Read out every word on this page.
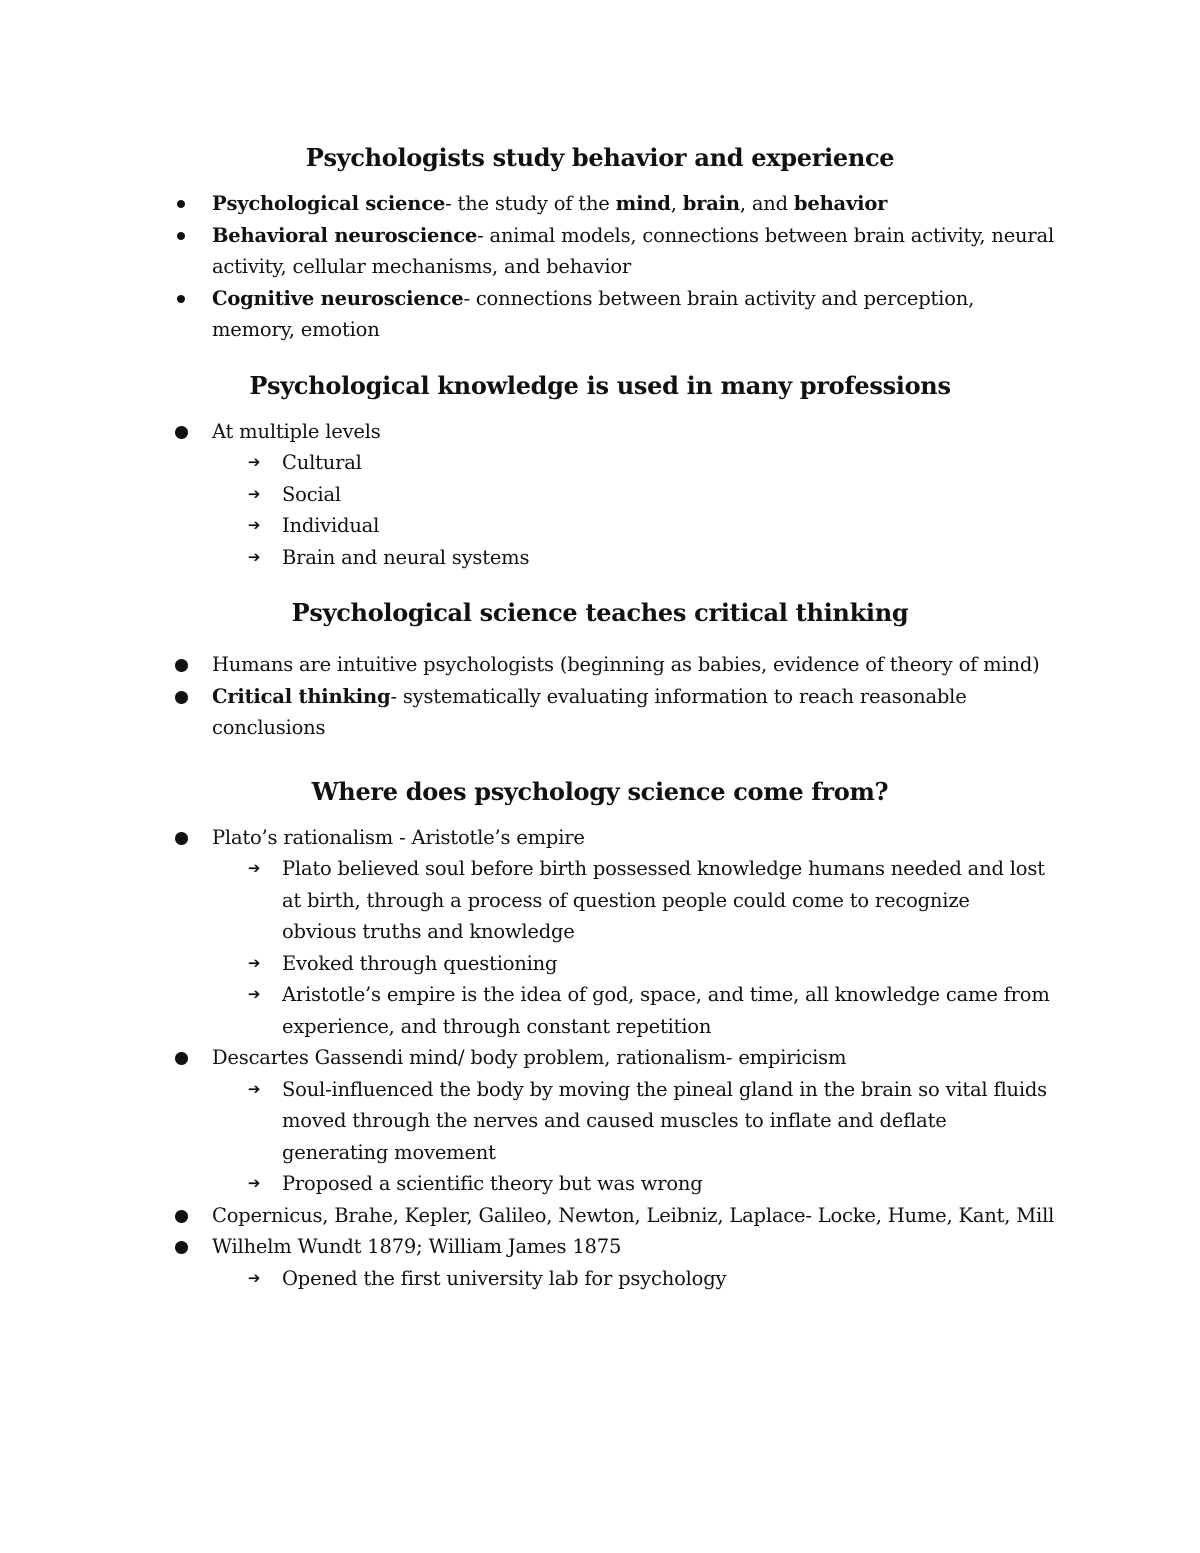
Psychologists study behavior and experience
Psychological science- the study of the mind, brain, and behavior
Behavioral neuroscience- animal models, connections between brain activity, neural activity, cellular mechanisms, and behavior
Cognitive neuroscience- connections between brain activity and perception, memory, emotion
Psychological knowledge is used in many professions
At multiple levels
➔ Cultural
➔ Social
➔ Individual
➔ Brain and neural systems
Psychological science teaches critical thinking
Humans are intuitive psychologists (beginning as babies, evidence of theory of mind)
Critical thinking- systematically evaluating information to reach reasonable conclusions
Where does psychology science come from?
Plato’s rationalism - Aristotle’s empire
➔ Plato believed soul before birth possessed knowledge humans needed and lost at birth, through a process of question people could come to recognize obvious truths and knowledge
➔ Evoked through questioning
➔ Aristotle’s empire is the idea of god, space, and time, all knowledge came from experience, and through constant repetition
Descartes Gassendi mind/ body problem, rationalism- empiricism
➔ Soul-influenced the body by moving the pineal gland in the brain so vital fluids moved through the nerves and caused muscles to inflate and deflate generating movement
➔ Proposed a scientific theory but was wrong
Copernicus, Brahe, Kepler, Galileo, Newton, Leibniz, Laplace- Locke, Hume, Kant, Mill
Wilhelm Wundt 1879; William James 1875
➔ Opened the first university lab for psychology
